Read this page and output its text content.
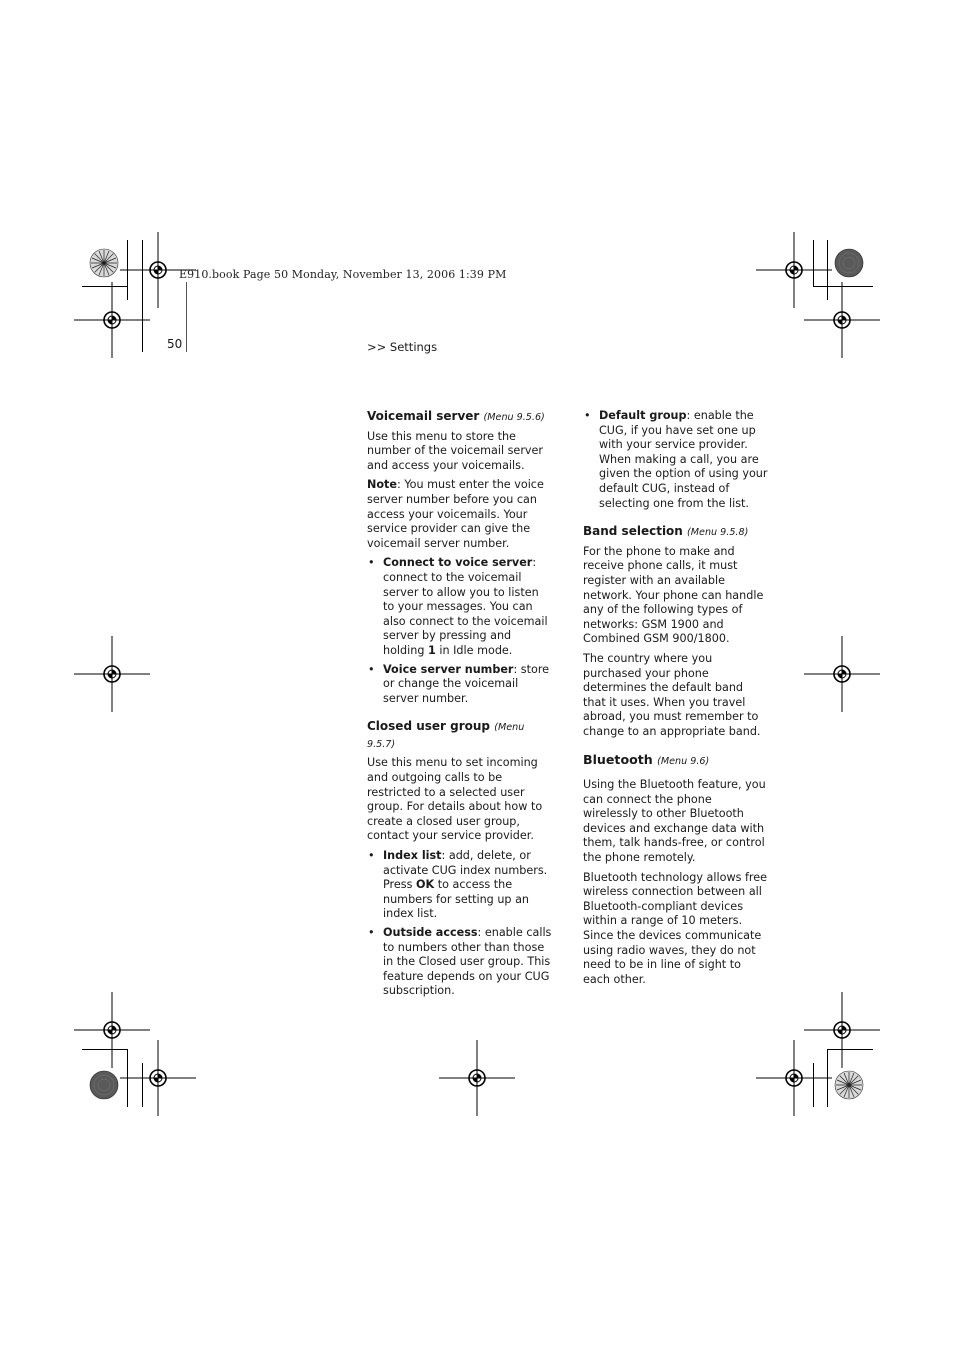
E910.book Page 50 Monday, November 13, 2006 1:39 PM
50	>> Settings
Voicemail server (Menu 9.5.6)

Use this menu to store the number of the voicemail server and access your voicemails.

Note: You must enter the voice server number before you can access your voicemails. Your service provider can give the voicemail server number.

• Connect to voice server: connect to the voicemail server to allow you to listen to your messages. You can also connect to the voicemail server by pressing and holding 1 in Idle mode.
• Voice server number: store or change the voicemail server number.
Closed user group (Menu 9.5.7)

Use this menu to set incoming and outgoing calls to be restricted to a selected user group. For details about how to create a closed user group, contact your service provider.

• Index list: add, delete, or activate CUG index numbers. Press OK to access the numbers for setting up an index list.
• Outside access: enable calls to numbers other than those in the Closed user group. This feature depends on your CUG subscription.
• Default group: enable the CUG, if you have set one up with your service provider. When making a call, you are given the option of using your default CUG, instead of selecting one from the list.
Band selection (Menu 9.5.8)

For the phone to make and receive phone calls, it must register with an available network. Your phone can handle any of the following types of networks: GSM 1900 and Combined GSM 900/1800.

The country where you purchased your phone determines the default band that it uses. When you travel abroad, you must remember to change to an appropriate band.

Bluetooth (Menu 9.6)

Using the Bluetooth feature, you can connect the phone wirelessly to other Bluetooth devices and exchange data with them, talk hands-free, or control the phone remotely.

Bluetooth technology allows free wireless connection between all Bluetooth-compliant devices within a range of 10 meters. Since the devices communicate using radio waves, they do not need to be in line of sight to each other.
